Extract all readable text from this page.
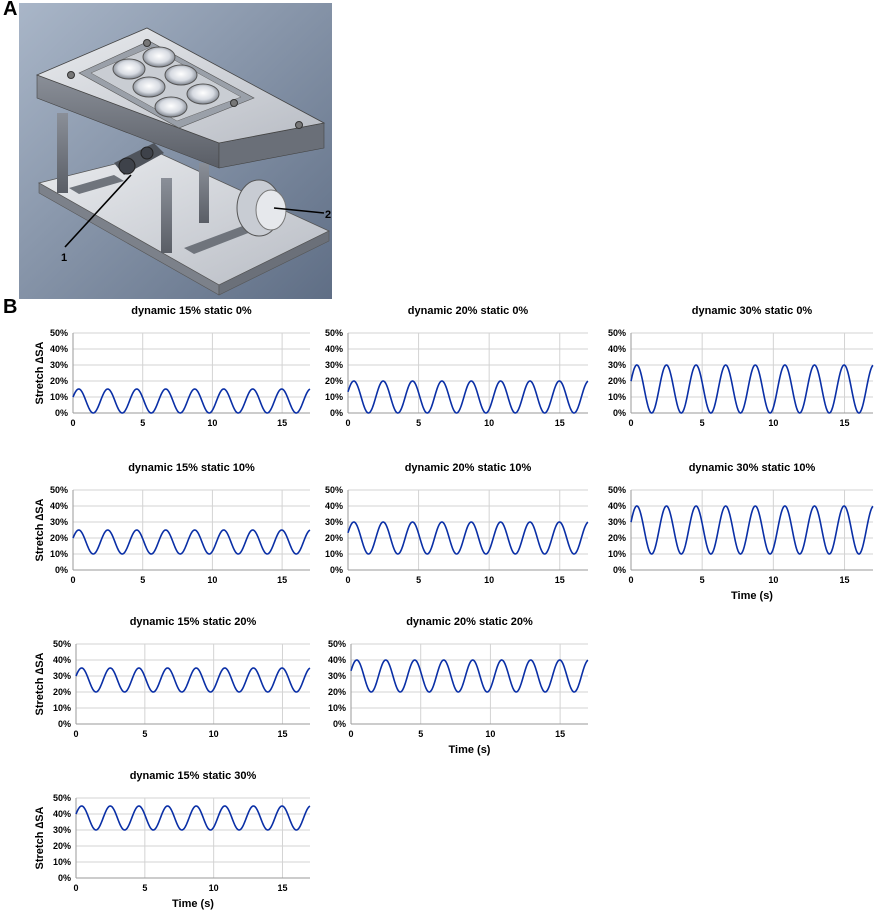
A
B
1
2
dynamic 15% static 0%
0%
10%
20%
30%
40%
50%
0	5	10	15
Stretch ∆SA
dynamic 20% static 0%
0%
10%
20%
30%
40%
50%
0	5	10	15
dynamic 30% static 0%
0%
10%
20%
30%
40%
50%
0	5	10	15
dynamic 15% static 10%
0%
10%
20%
30%
40%
50%
0	5	10	15
Stretch ∆SA
dynamic 20% static 10%
0%
10%
20%
30%
40%
50%
0	5	10	15
dynamic 30% static 10%
0%
10%
20%
30%
40%
50%
0	5	10	15
Time (s)
dynamic 15% static 20%
0%
10%
20%
30%
40%
50%
0	5	10	15
Stretch ∆SA
dynamic 20% static 20%
0%
10%
20%
30%
40%
50%
0	5	10	15
Time (s)
dynamic 15% static 30%
0%
10%
20%
30%
40%
50%
0	5	10	15
Stretch ∆SA
Time (s)
